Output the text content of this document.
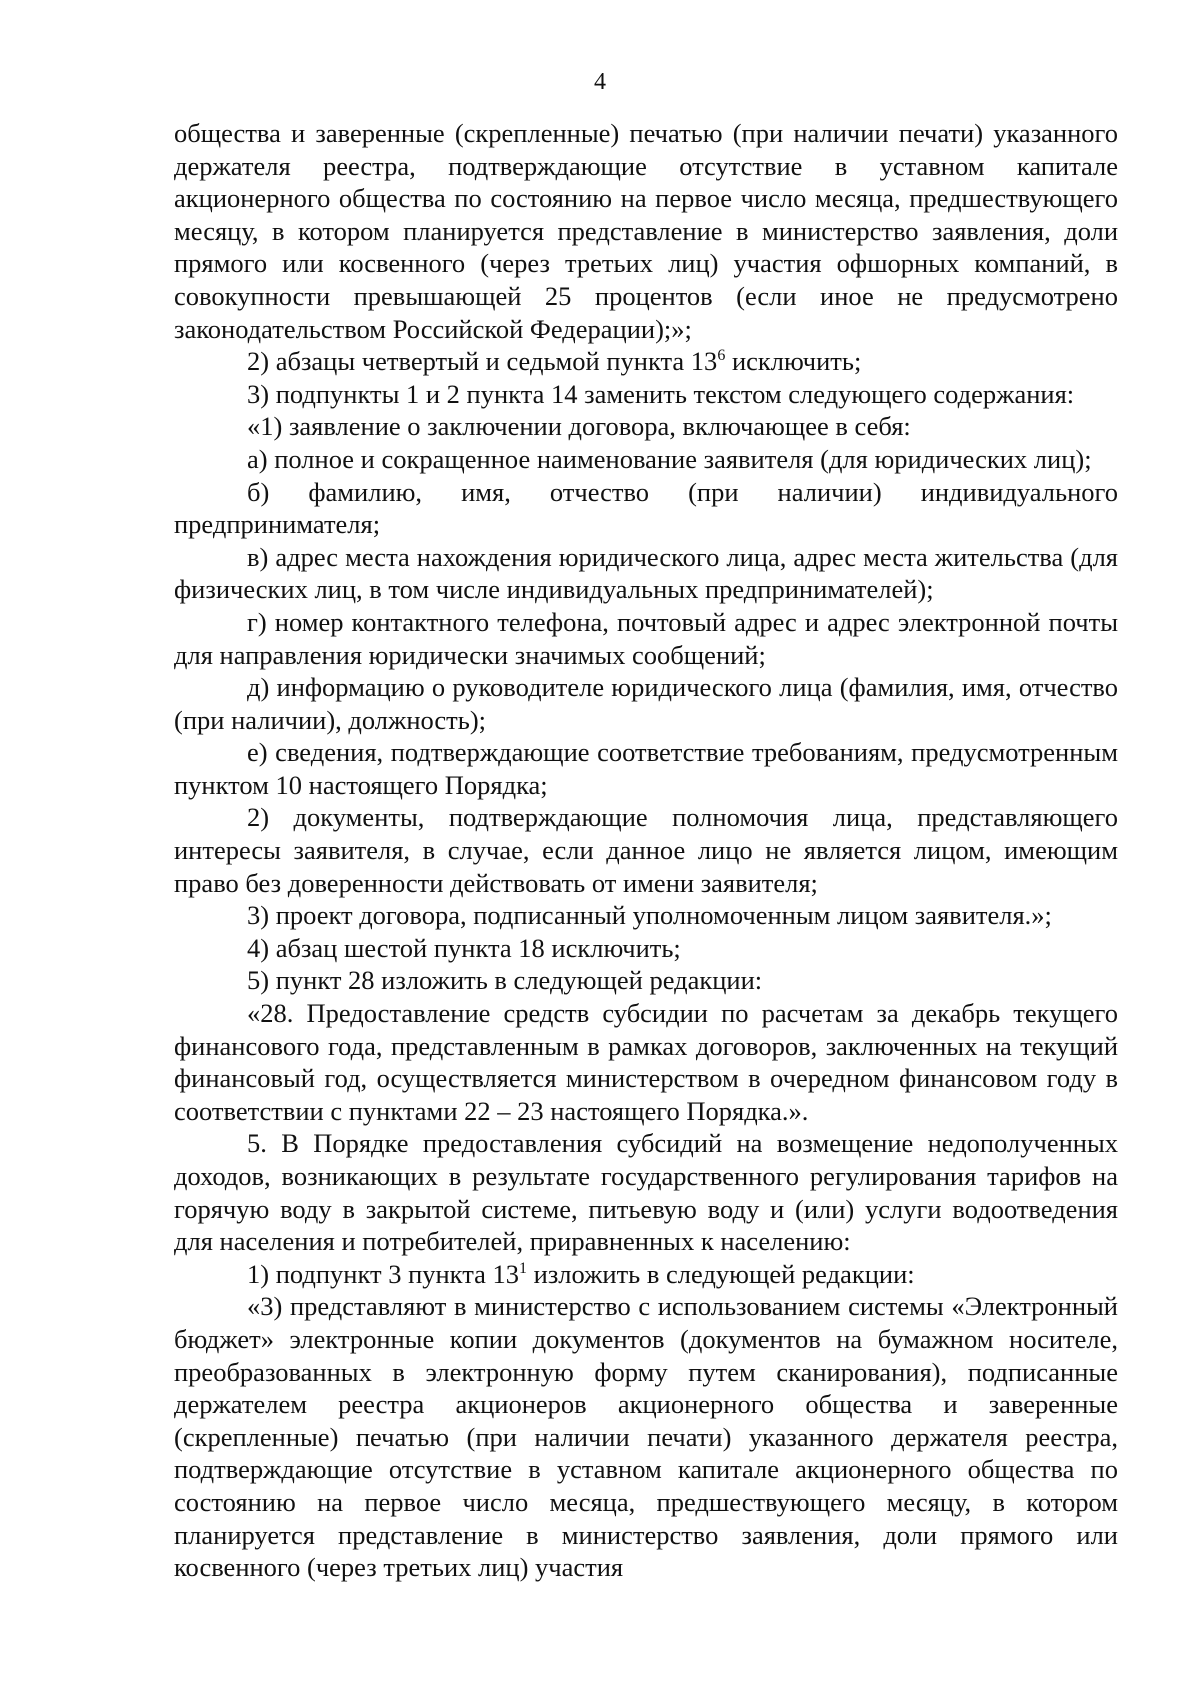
4

общества и заверенные (скрепленные) печатью (при наличии печати) указанного держателя реестра, подтверждающие отсутствие в уставном капитале акционерного общества по состоянию на первое число месяца, предшествующего месяцу, в котором планируется представление в министерство заявления, доли прямого или косвенного (через третьих лиц) участия офшорных компаний, в совокупности превышающей 25 процентов (если иное не предусмотрено законодательством Российской Федерации);»;

2) абзацы четвертый и седьмой пункта $13^6$ исключить;

3) подпункты 1 и 2 пункта 14 заменить текстом следующего содержания:

«1) заявление о заключении договора, включающее в себя:

а) полное и сокращенное наименование заявителя (для юридических лиц);

б) фамилию, имя, отчество (при наличии) индивидуального предпринимателя;

в) адрес места нахождения юридического лица, адрес места жительства (для физических лиц, в том числе индивидуальных предпринимателей);

г) номер контактного телефона, почтовый адрес и адрес электронной почты для направления юридически значимых сообщений;

д) информацию о руководителе юридического лица (фамилия, имя, отчество (при наличии), должность);

е) сведения, подтверждающие соответствие требованиям, предусмотренным пунктом 10 настоящего Порядка;

2) документы, подтверждающие полномочия лица, представляющего интересы заявителя, в случае, если данное лицо не является лицом, имеющим право без доверенности действовать от имени заявителя;

3) проект договора, подписанный уполномоченным лицом заявителя.»;

4) абзац шестой пункта 18 исключить;

5) пункт 28 изложить в следующей редакции:

«28. Предоставление средств субсидии по расчетам за декабрь текущего финансового года, представленным в рамках договоров, заключенных на текущий финансовый год, осуществляется министерством в очередном финансовом году в соответствии с пунктами 22 – 23 настоящего Порядка.».

5. В Порядке предоставления субсидий на возмещение недополученных доходов, возникающих в результате государственного регулирования тарифов на горячую воду в закрытой системе, питьевую воду и (или) услуги водоотведения для населения и потребителей, приравненных к населению:

1) подпункт 3 пункта $13^1$ изложить в следующей редакции:

«3) представляют в министерство с использованием системы «Электронный бюджет» электронные копии документов (документов на бумажном носителе, преобразованных в электронную форму путем сканирования), подписанные держателем реестра акционеров акционерного общества и заверенные (скрепленные) печатью (при наличии печати) указанного держателя реестра, подтверждающие отсутствие в уставном капитале акционерного общества по состоянию на первое число месяца, предшествующего месяцу, в котором планируется представление в министерство заявления, доли прямого или косвенного (через третьих лиц) участия
